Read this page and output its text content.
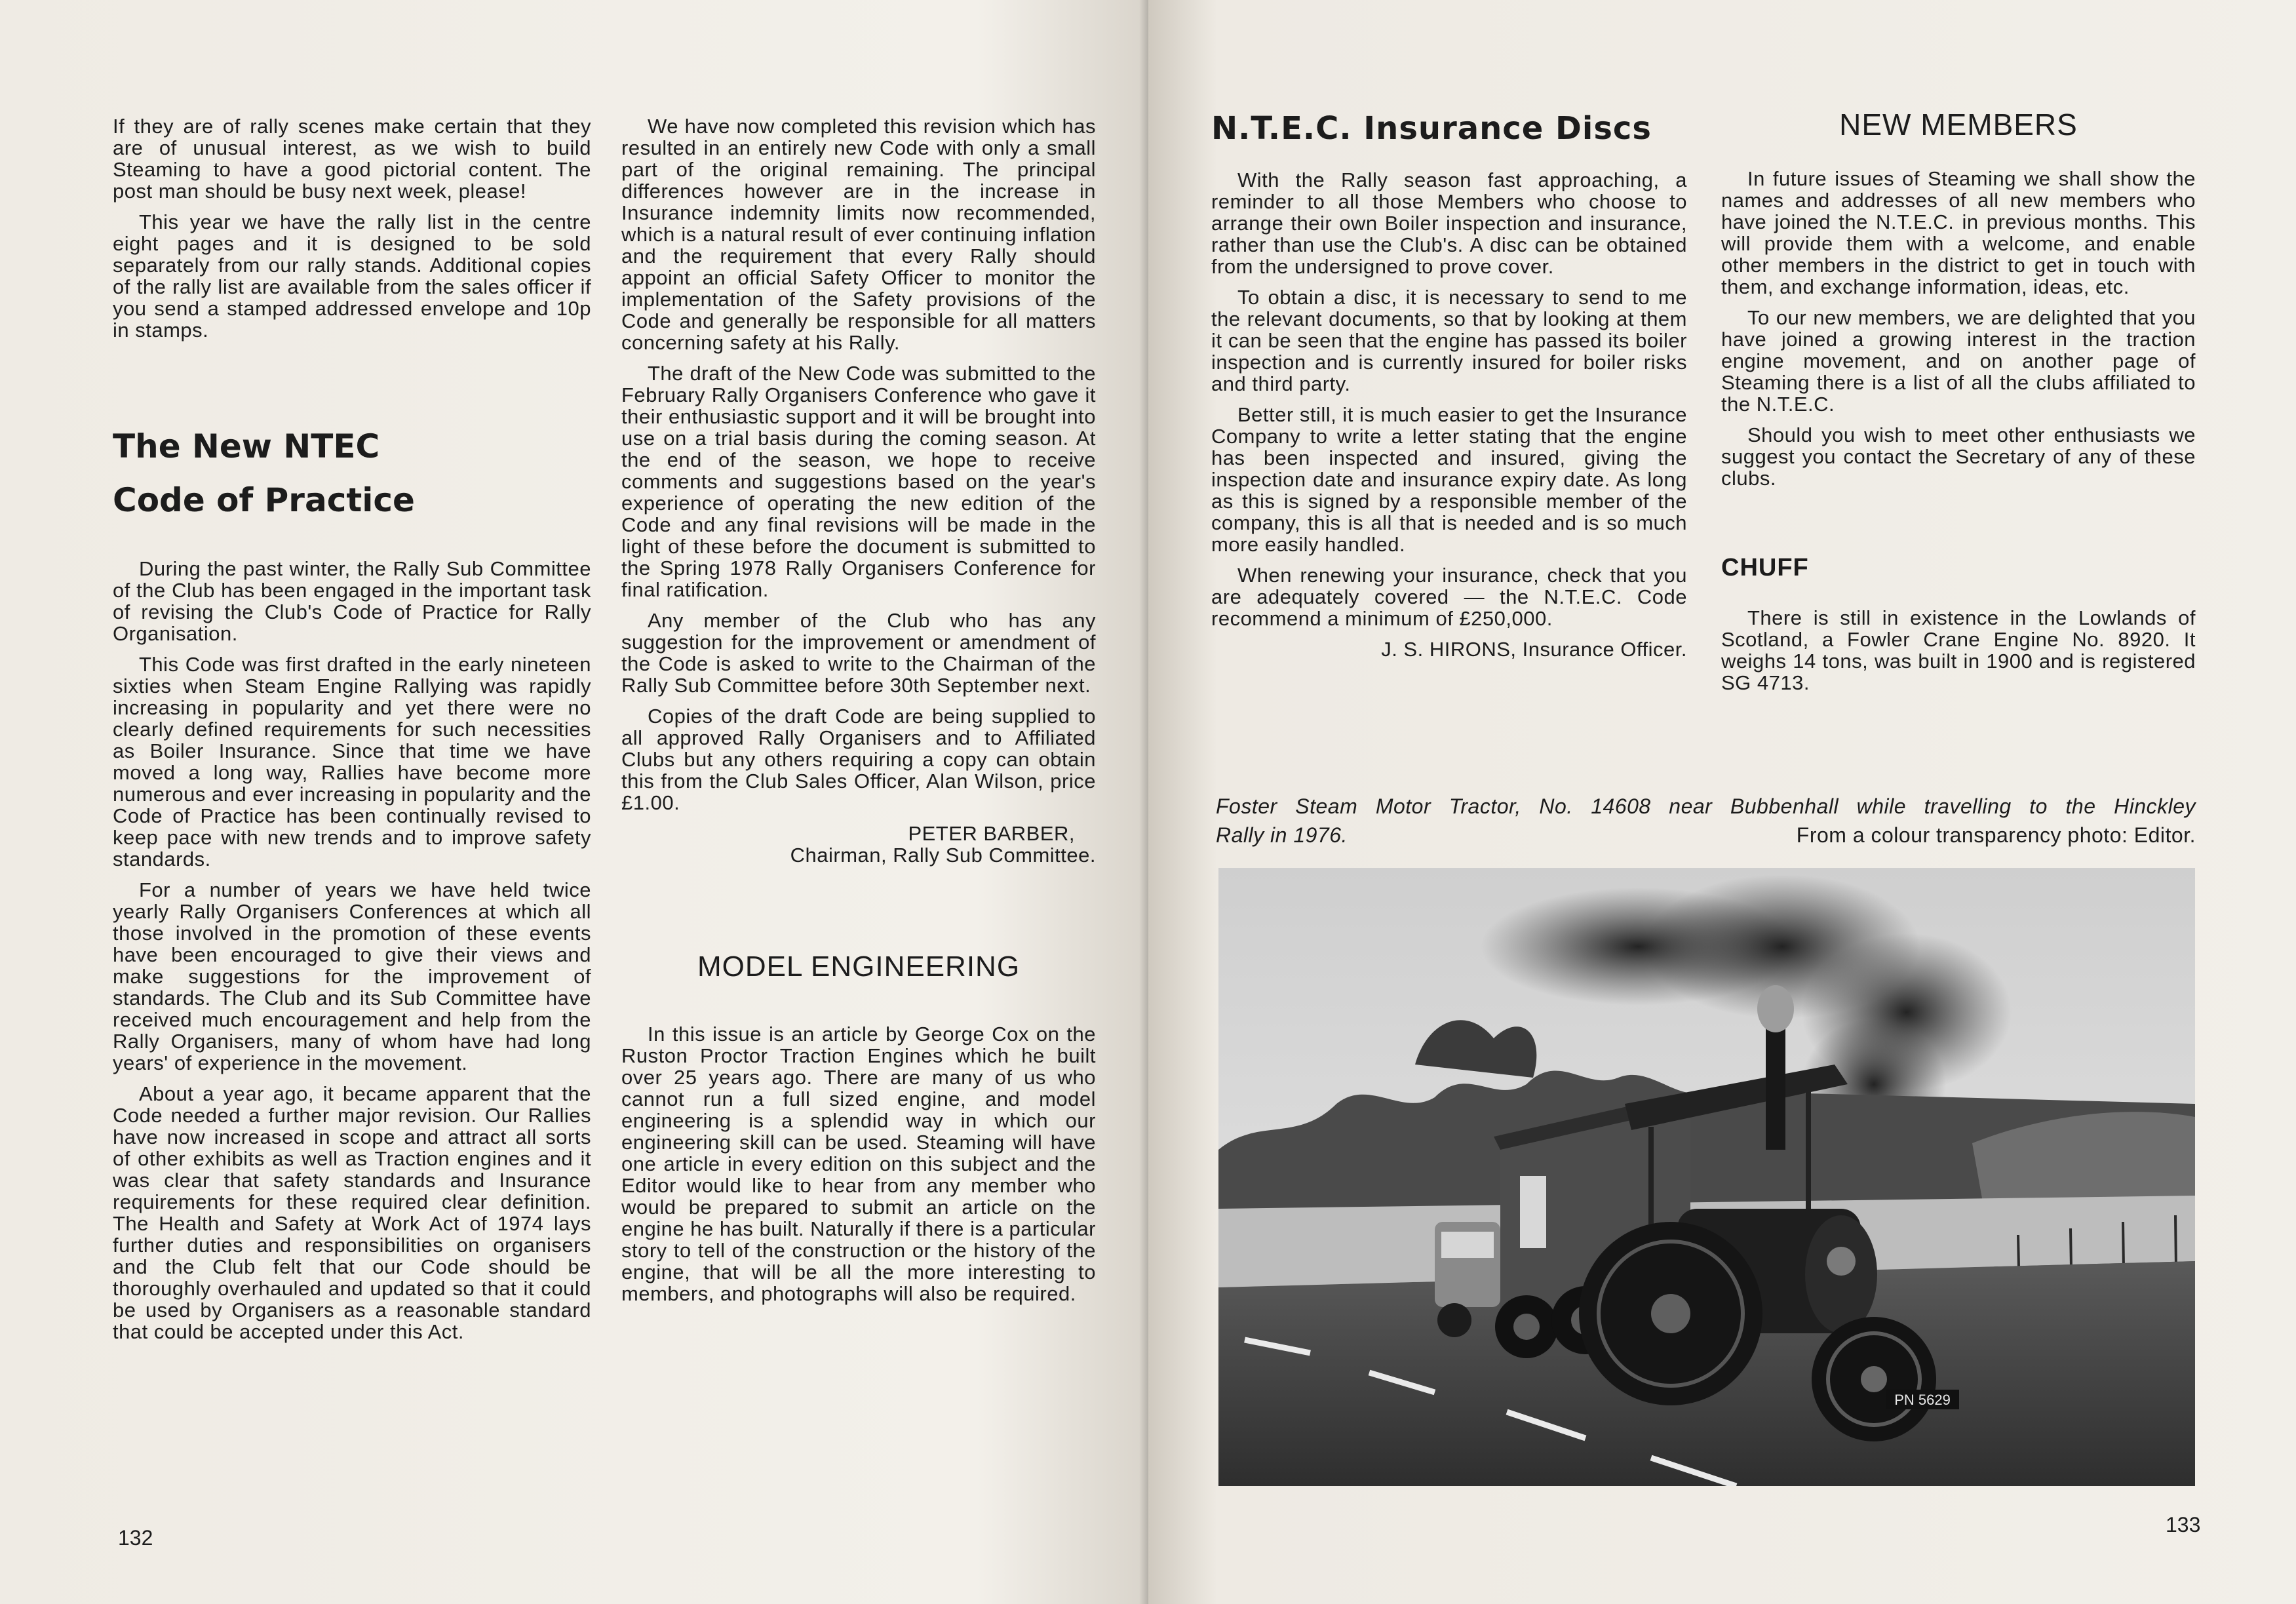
If they are of rally scenes make certain that they are of unusual interest, as we wish to build Steaming to have a good pictorial content. The post man should be busy next week, please!

This year we have the rally list in the centre eight pages and it is designed to be sold separately from our rally stands. Additional copies of the rally list are available from the sales officer if you send a stamped addressed envelope and 10p in stamps.

The New NTEC
Code of Practice

During the past winter, the Rally Sub Committee of the Club has been engaged in the important task of revising the Club's Code of Practice for Rally Organisation.

This Code was first drafted in the early nineteen sixties when Steam Engine Rallying was rapidly increasing in popularity and yet there were no clearly defined requirements for such necessities as Boiler Insurance. Since that time we have moved a long way, Rallies have become more numerous and ever increasing in popularity and the Code of Practice has been continually revised to keep pace with new trends and to improve safety standards.

For a number of years we have held twice yearly Rally Organisers Conferences at which all those involved in the promotion of these events have been encouraged to give their views and make suggestions for the improvement of standards. The Club and its Sub Committee have received much encouragement and help from the Rally Organisers, many of whom have had long years' of experience in the movement.

About a year ago, it became apparent that the Code needed a further major revision. Our Rallies have now increased in scope and attract all sorts of other exhibits as well as Traction engines and it was clear that safety standards and Insurance requirements for these required clear definition. The Health and Safety at Work Act of 1974 lays further duties and responsibilities on organisers and the Club felt that our Code should be thoroughly overhauled and updated so that it could be used by Organisers as a reasonable standard that could be accepted under this Act.

We have now completed this revision which has resulted in an entirely new Code with only a small part of the original remaining. The principal differences however are in the increase in Insurance indemnity limits now recommended, which is a natural result of ever continuing inflation and the requirement that every Rally should appoint an official Safety Officer to monitor the implementation of the Safety provisions of the Code and generally be responsible for all matters concerning safety at his Rally.

The draft of the New Code was submitted to the February Rally Organisers Conference who gave it their enthusiastic support and it will be brought into use on a trial basis during the coming season. At the end of the season, we hope to receive comments and suggestions based on the year's experience of operating the new edition of the Code and any final revisions will be made in the light of these before the document is submitted to the Spring 1978 Rally Organisers Conference for final ratification.

Any member of the Club who has any suggestion for the improvement or amendment of the Code is asked to write to the Chairman of the Rally Sub Committee before 30th September next.

Copies of the draft Code are being supplied to all approved Rally Organisers and to Affiliated Clubs but any others requiring a copy can obtain this from the Club Sales Officer, Alan Wilson, price £1.00.

PETER BARBER,

Chairman, Rally Sub Committee.

MODEL ENGINEERING

In this issue is an article by George Cox on the Ruston Proctor Traction Engines which he built over 25 years ago. There are many of us who cannot run a full sized engine, and model engineering is a splendid way in which our engineering skill can be used. Steaming will have one article in every edition on this subject and the Editor would like to hear from any member who would be prepared to submit an article on the engine he has built. Naturally if there is a particular story to tell of the construction or the history of the engine, that will be all the more interesting to members, and photographs will also be required.

132
N.T.E.C. Insurance Discs

With the Rally season fast approaching, a reminder to all those Members who choose to arrange their own Boiler inspection and insurance, rather than use the Club's. A disc can be obtained from the undersigned to prove cover.

To obtain a disc, it is necessary to send to me the relevant documents, so that by looking at them it can be seen that the engine has passed its boiler inspection and is currently insured for boiler risks and third party.

Better still, it is much easier to get the Insurance Company to write a letter stating that the engine has been inspected and insured, giving the inspection date and insurance expiry date. As long as this is signed by a responsible member of the company, this is all that is needed and is so much more easily handled.

When renewing your insurance, check that you are adequately covered — the N.T.E.C. Code recommend a minimum of £250,000.

J. S. HIRONS, Insurance Officer.

NEW MEMBERS

In future issues of Steaming we shall show the names and addresses of all new members who have joined the N.T.E.C. in previous months. This will provide them with a welcome, and enable other members in the district to get in touch with them, and exchange information, ideas, etc.

To our new members, we are delighted that you have joined a growing interest in the traction engine movement, and on another page of Steaming there is a list of all the clubs affiliated to the N.T.E.C.

Should you wish to meet other enthusiasts we suggest you contact the Secretary of any of these clubs.

CHUFF

There is still in existence in the Lowlands of Scotland, a Fowler Crane Engine No. 8920. It weighs 14 tons, was built in 1900 and is registered SG 4713.

Foster Steam Motor Tractor, No. 14608 near Bubbenhall while travelling to the Hinckley
Rally in 1976.	From a colour transparency photo: Editor.
PN 5629
133
